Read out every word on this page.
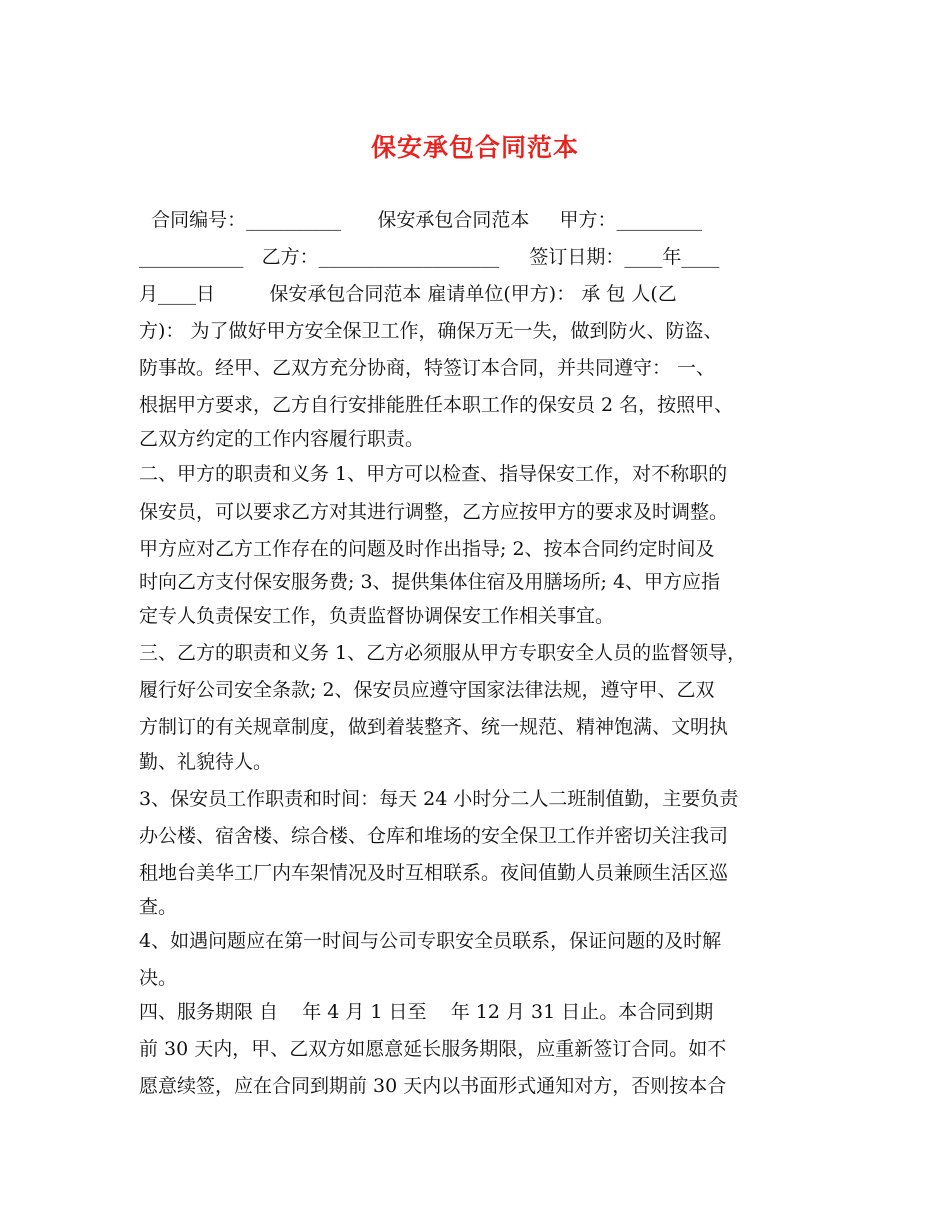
保安承包合同范本
合同编号：__________      保安承包合同范本     甲方：_________
___________   乙方：___________________     签订日期：____年____
月____日         保安承包合同范本 雇请单位(甲方)： 承 包 人(乙
方)： 为了做好甲方安全保卫工作，确保万无一失，做到防火、防盗、
防事故。经甲、乙双方充分协商，特签订本合同，并共同遵守： 一、
根据甲方要求，乙方自行安排能胜任本职工作的保安员 2 名，按照甲、
乙双方约定的工作内容履行职责。
二、甲方的职责和义务 1、甲方可以检查、指导保安工作，对不称职的
保安员，可以要求乙方对其进行调整，乙方应按甲方的要求及时调整。
甲方应对乙方工作存在的问题及时作出指导; 2、按本合同约定时间及
时向乙方支付保安服务费; 3、提供集体住宿及用膳场所; 4、甲方应指
定专人负责保安工作，负责监督协调保安工作相关事宜。
三、乙方的职责和义务 1、乙方必须服从甲方专职安全人员的监督领导，
履行好公司安全条款; 2、保安员应遵守国家法律法规，遵守甲、乙双
方制订的有关规章制度，做到着装整齐、统一规范、精神饱满、文明执
勤、礼貌待人。
3、保安员工作职责和时间：每天 24 小时分二人二班制值勤，主要负责
办公楼、宿舍楼、综合楼、仓库和堆场的安全保卫工作并密切关注我司
租地台美华工厂内车架情况及时互相联系。夜间值勤人员兼顾生活区巡
查。
4、如遇问题应在第一时间与公司专职安全员联系，保证问题的及时解
决。
四、服务期限 自    年 4 月 1 日至    年 12 月 31 日止。本合同到期
前 30 天内，甲、乙双方如愿意延长服务期限，应重新签订合同。如不
愿意续签，应在合同到期前 30 天内以书面形式通知对方，否则按本合
